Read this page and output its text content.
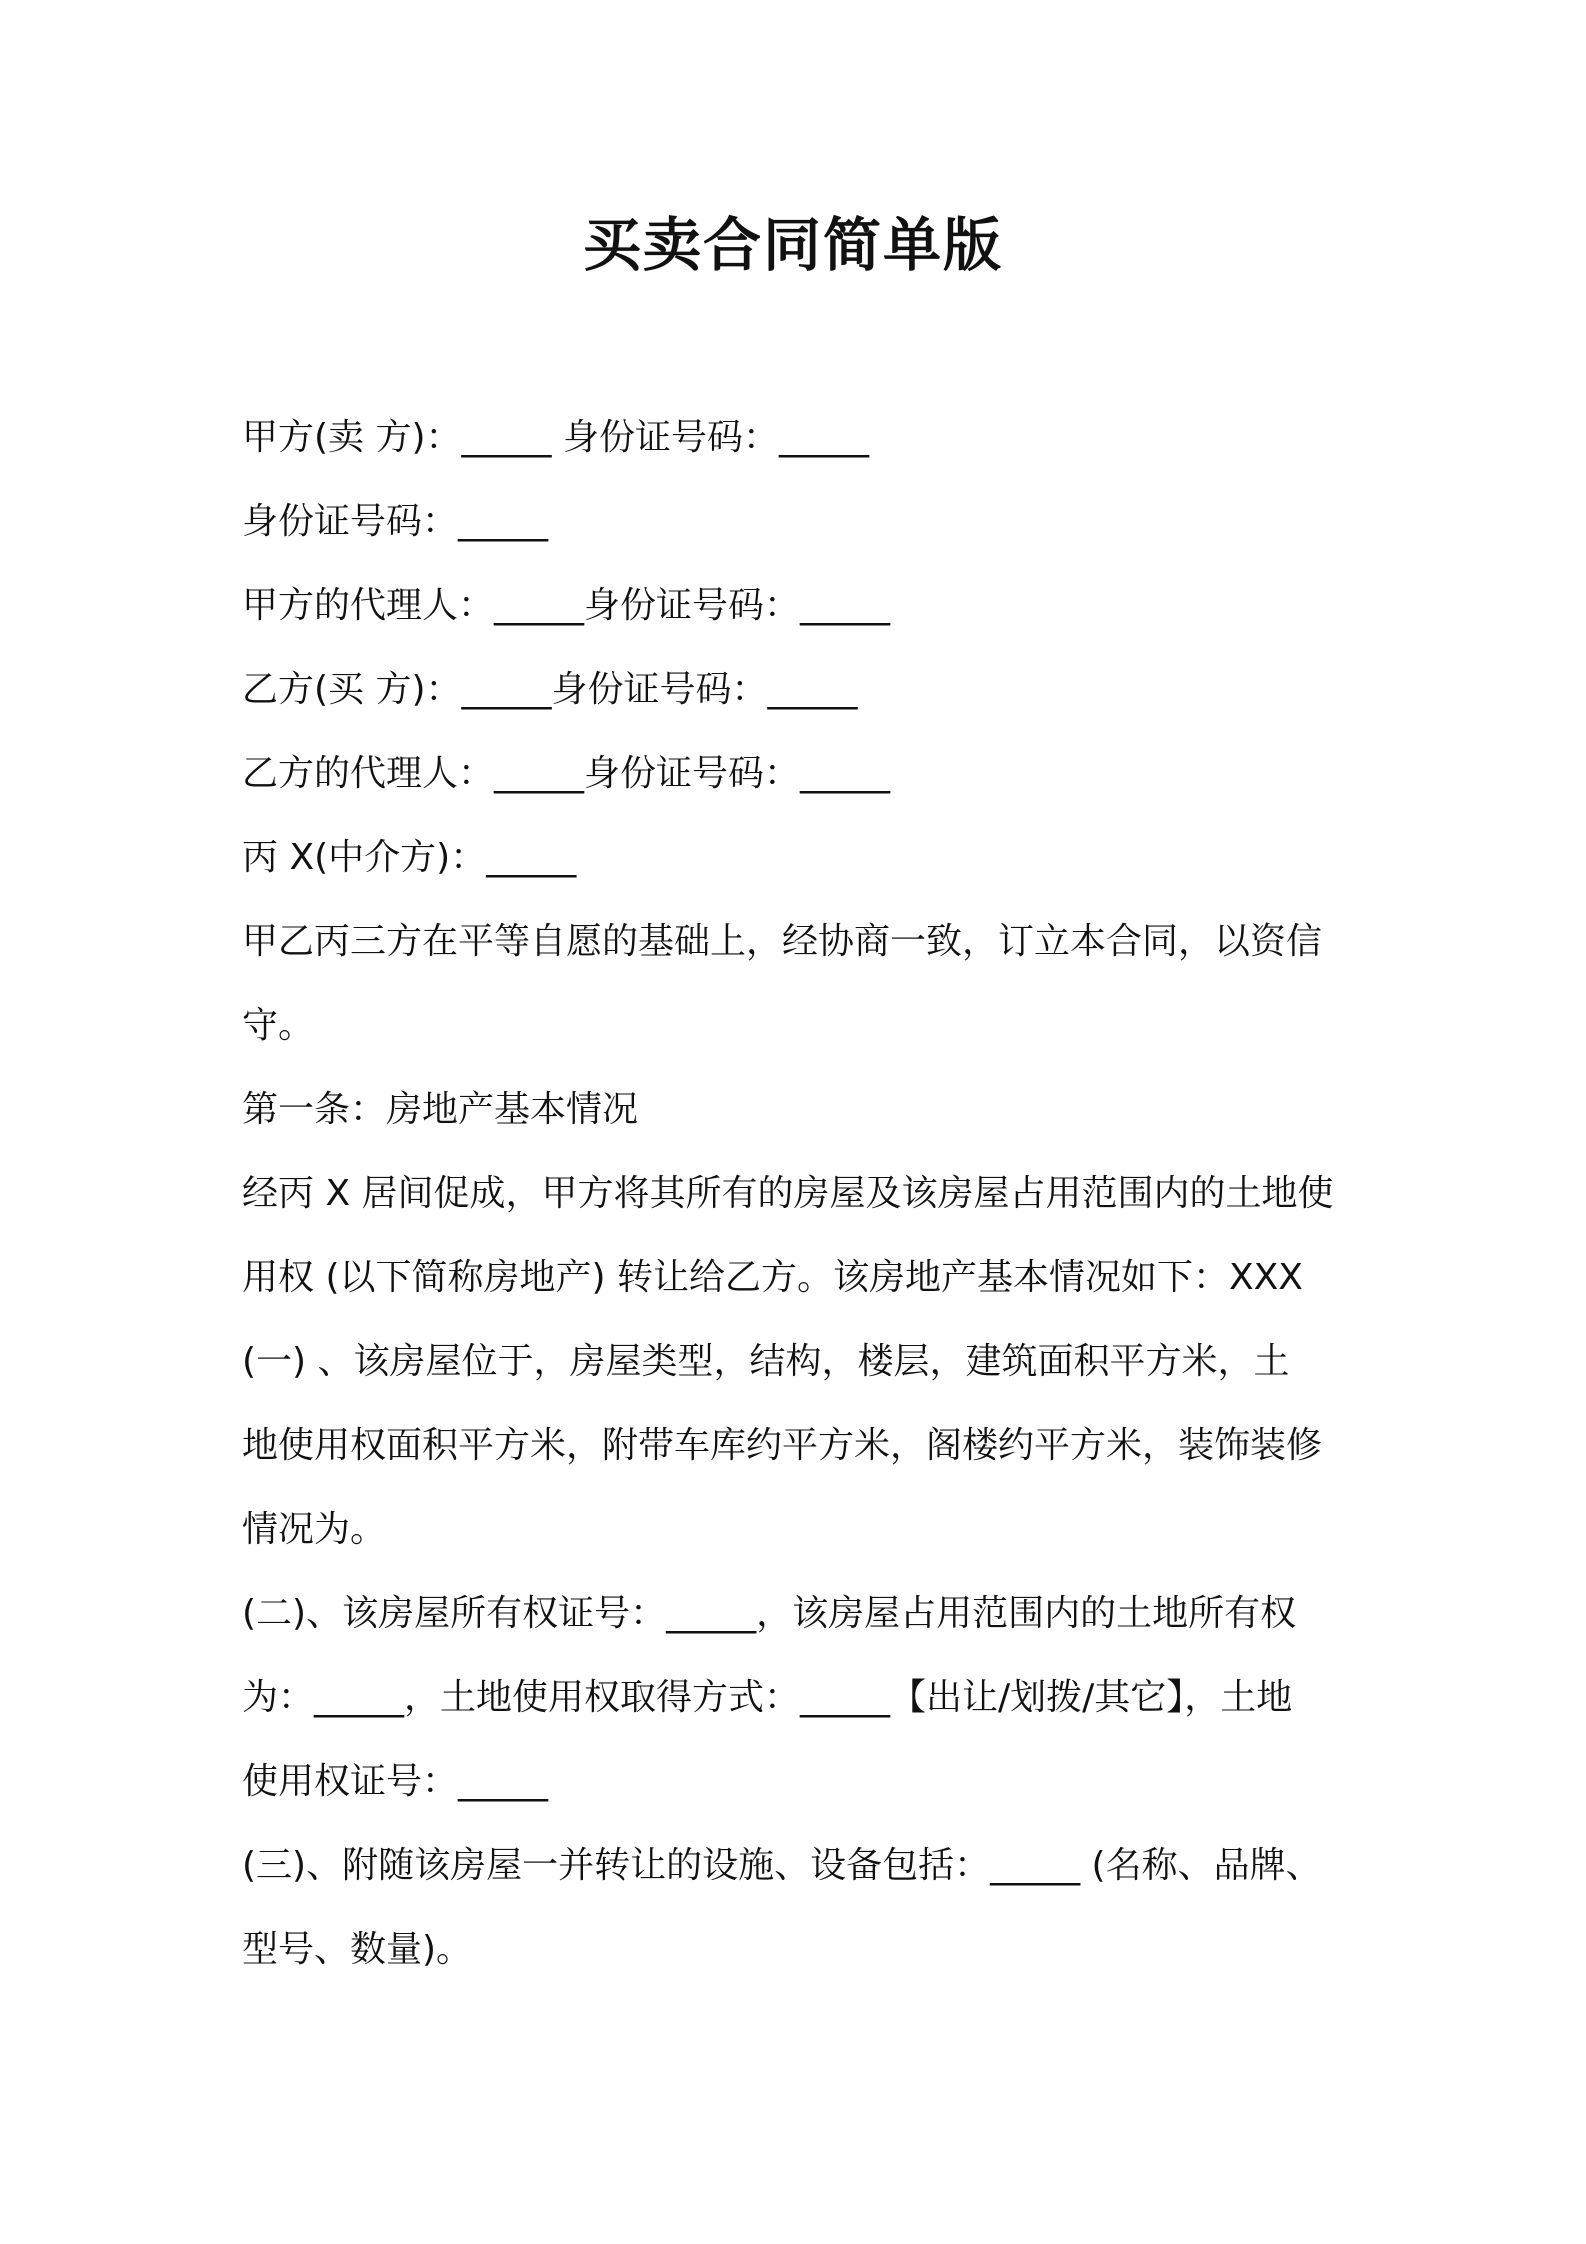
买卖合同简单版
甲方(卖 方)：_____ 身份证号码：_____
身份证号码：_____
甲方的代理人：_____身份证号码：_____
乙方(买 方)：_____身份证号码：_____
乙方的代理人：_____身份证号码：_____
丙 X(中介方)：_____
甲乙丙三方在平等自愿的基础上，经协商一致，订立本合同，以资信
守。
第一条：房地产基本情况
经丙 X 居间促成，甲方将其所有的房屋及该房屋占用范围内的土地使
用权 (以下简称房地产) 转让给乙方。该房地产基本情况如下：XXX
(一) 、该房屋位于，房屋类型，结构，楼层，建筑面积平方米，土
地使用权面积平方米，附带车库约平方米，阁楼约平方米，装饰装修
情况为。
(二)、该房屋所有权证号：_____，该房屋占用范围内的土地所有权
为：_____，土地使用权取得方式：_____【出让/划拨/其它】，土地
使用权证号：_____
(三)、附随该房屋一并转让的设施、设备包括：_____ (名称、品牌、
型号、数量)。
